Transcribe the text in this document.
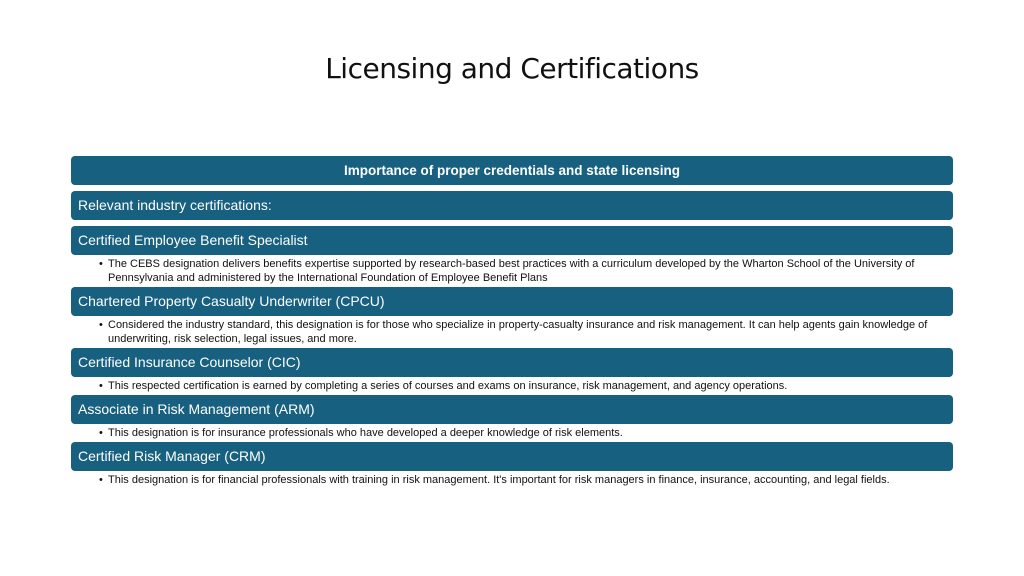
Licensing and Certifications
Importance of proper credentials and state licensing
Relevant industry certifications:
Certified Employee Benefit Specialist
• The CEBS designation delivers benefits expertise supported by research-based best practices with a curriculum developed by the Wharton School of the University of Pennsylvania and administered by the International Foundation of Employee Benefit Plans
Chartered Property Casualty Underwriter (CPCU)
• Considered the industry standard, this designation is for those who specialize in property-casualty insurance and risk management. It can help agents gain knowledge of underwriting, risk selection, legal issues, and more.
Certified Insurance Counselor (CIC)
• This respected certification is earned by completing a series of courses and exams on insurance, risk management, and agency operations.
Associate in Risk Management (ARM)
• This designation is for insurance professionals who have developed a deeper knowledge of risk elements.
Certified Risk Manager (CRM)
• This designation is for financial professionals with training in risk management. It's important for risk managers in finance, insurance, accounting, and legal fields.
